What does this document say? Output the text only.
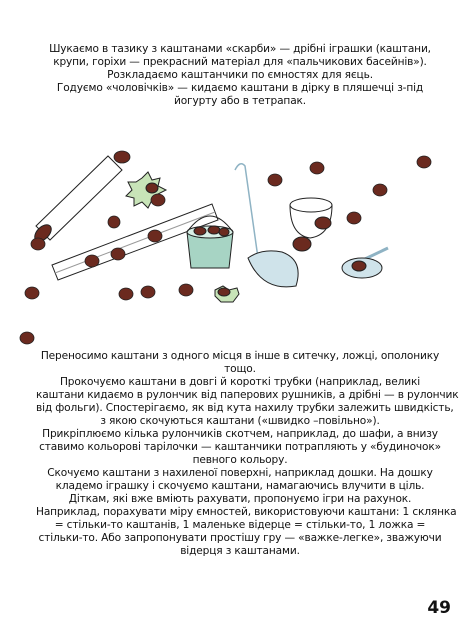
Шукаємо в тазику з каштанами «скарби» — дрібні іграшки (каштани,
крупи, горіхи — прекрасний матеріал для «пальчикових басейнів»).
Розкладаємо каштанчики по ємностях для яєць.
Годуємо «чоловічків» — кидаємо каштани в дірку в пляшечці з-під
йогурту або в тетрапак.
Переносимо каштани з одного місця в інше в ситечку, ложці, ополонику
тощо.
Прокочуємо каштани в довгі й короткі трубки (наприклад, великі
каштани кидаємо в рулончик від паперових рушників, а дрібні — в рулончик
від фольги). Спостерігаємо, як від кута нахилу трубки залежить швидкість,
з якою скочуються каштани («швидко –повільно»).
Прикріплюємо кілька рулончиків скотчем, наприклад, до шафи, а внизу
ставимо кольорові тарілочки — каштанчики потрапляють у «будиночок»
певного кольору.
Скочуємо каштани з нахиленої поверхні, наприклад дошки. На дошку
кладемо іграшку і скочуємо каштани, намагаючись влучити в ціль.
Діткам, які вже вміють рахувати, пропонуємо ігри на рахунок.
Наприклад, порахувати міру ємностей, використовуючи каштани: 1 склянка
= стільки-то каштанів, 1 маленьке відерце = стільки-то, 1 ложка =
стільки-то. Або запропонувати простішу гру — «важке-легке», зважуючи
відерця з каштанами.
49
